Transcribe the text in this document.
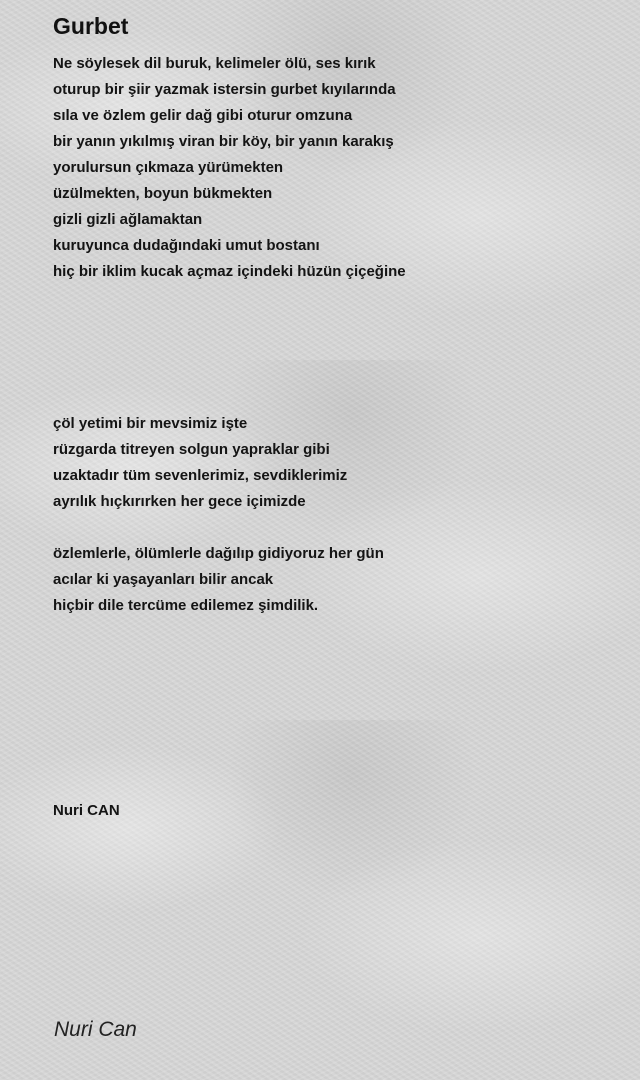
Gurbet
Ne söylesek dil buruk, kelimeler ölü, ses kırık
oturup bir şiir yazmak istersin gurbet kıyılarında
sıla ve özlem gelir dağ gibi oturur omzuna
bir yanın yıkılmış viran bir köy, bir yanın karakış
yorulursun çıkmaza yürümekten
üzülmekten, boyun bükmekten
gizli gizli ağlamaktan
kuruyunca dudağındaki umut bostanı
hiç bir iklim kucak açmaz içindeki hüzün çiçeğine
çöl yetimi bir mevsimiz işte
rüzgarda titreyen solgun yapraklar gibi
uzaktadır tüm sevenlerimiz, sevdiklerimiz
ayrılık hıçkırırken her gece içimizde
özlemlerle, ölümlerle dağılıp gidiyoruz her gün
acılar ki yaşayanları bilir ancak
hiçbir dile tercüme edilemez şimdilik.

Nuri CAN

Nuri Can
